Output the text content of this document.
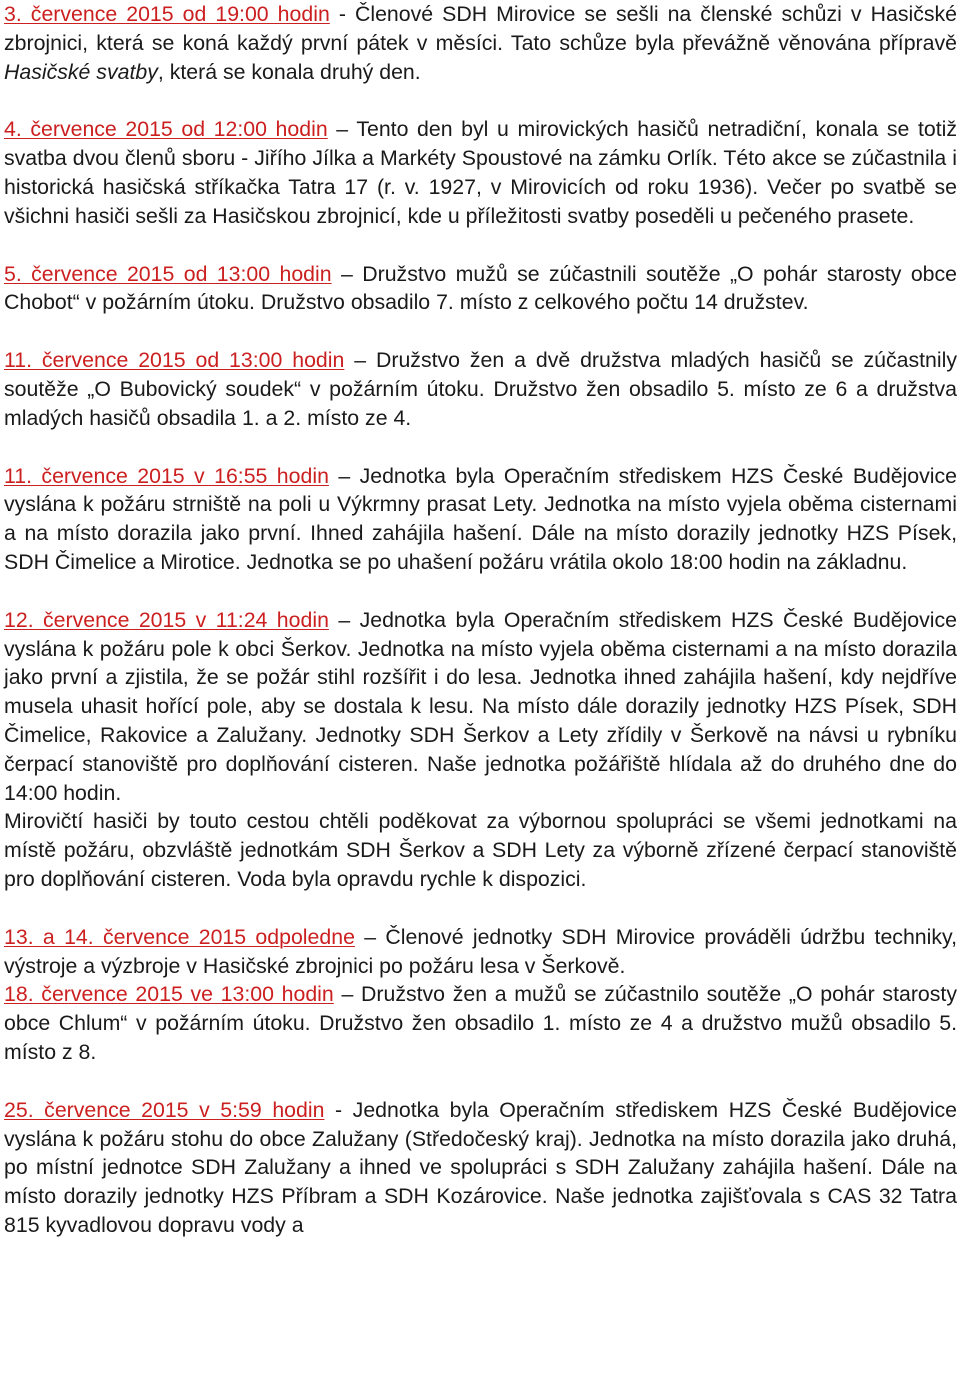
3. července 2015 od 19:00 hodin - Členové SDH Mirovice se sešli na členské schůzi v Hasičské zbrojnici, která se koná každý první pátek v měsíci. Tato schůze byla převážně věnována přípravě Hasičské svatby, která se konala druhý den.

4. července 2015 od 12:00 hodin – Tento den byl u mirovických hasičů netradiční, konala se totiž svatba dvou členů sboru - Jiřího Jílka a Markéty Spoustové na zámku Orlík. Této akce se zúčastnila i historická hasičská stříkačka Tatra 17 (r. v. 1927, v Mirovicích od roku 1936). Večer po svatbě se všichni hasiči sešli za Hasičskou zbrojnicí, kde u příležitosti svatby poseděli u pečeného prasete.

5. července 2015 od 13:00 hodin – Družstvo mužů se zúčastnili soutěže „O pohár starosty obce Chobot“ v požárním útoku. Družstvo obsadilo 7. místo z celkového počtu 14 družstev.

11. července 2015 od 13:00 hodin – Družstvo žen a dvě družstva mladých hasičů se zúčastnily soutěže „O Bubovický soudek“ v požárním útoku. Družstvo žen obsadilo 5. místo ze 6 a družstva mladých hasičů obsadila 1. a 2. místo ze 4.

11. července 2015 v 16:55 hodin – Jednotka byla Operačním střediskem HZS České Budějovice vyslána k požáru strniště na poli u Výkrmny prasat Lety. Jednotka na místo vyjela oběma cisternami a na místo dorazila jako první. Ihned zahájila hašení. Dále na místo dorazily jednotky HZS Písek, SDH Čimelice a Mirotice. Jednotka se po uhašení požáru vrátila okolo 18:00 hodin na základnu.

12. července 2015 v 11:24 hodin – Jednotka byla Operačním střediskem HZS České Budějovice vyslána k požáru pole k obci Šerkov. Jednotka na místo vyjela oběma cisternami a na místo dorazila jako první a zjistila, že se požár stihl rozšířit i do lesa. Jednotka ihned zahájila hašení, kdy nejdříve musela uhasit hořící pole, aby se dostala k lesu. Na místo dále dorazily jednotky HZS Písek, SDH Čimelice, Rakovice a Zalužany. Jednotky SDH Šerkov a Lety zřídily v Šerkově na návsi u rybníku čerpací stanoviště pro doplňování cisteren. Naše jednotka požářiště hlídala až do druhého dne do 14:00 hodin.

Mirovičtí hasiči by touto cestou chtěli poděkovat za výbornou spolupráci se všemi jednotkami na místě požáru, obzvláště jednotkám SDH Šerkov a SDH Lety za výborně zřízené čerpací stanoviště pro doplňování cisteren. Voda byla opravdu rychle k dispozici.

13. a 14. července 2015 odpoledne – Členové jednotky SDH Mirovice prováděli údržbu techniky, výstroje a výzbroje v Hasičské zbrojnici po požáru lesa v Šerkově.

18. července 2015 ve 13:00 hodin – Družstvo žen a mužů se zúčastnilo soutěže „O pohár starosty obce Chlum“ v požárním útoku. Družstvo žen obsadilo 1. místo ze 4 a družstvo mužů obsadilo 5. místo z 8.

25. července 2015 v 5:59 hodin - Jednotka byla Operačním střediskem HZS České Budějovice vyslána k požáru stohu do obce Zalužany (Středočeský kraj). Jednotka na místo dorazila jako druhá, po místní jednotce SDH Zalužany a ihned ve spolupráci s SDH Zalužany zahájila hašení. Dále na místo dorazily jednotky HZS Příbram a SDH Kozárovice. Naše jednotka zajišťovala s CAS 32 Tatra 815 kyvadlovou dopravu vody a
